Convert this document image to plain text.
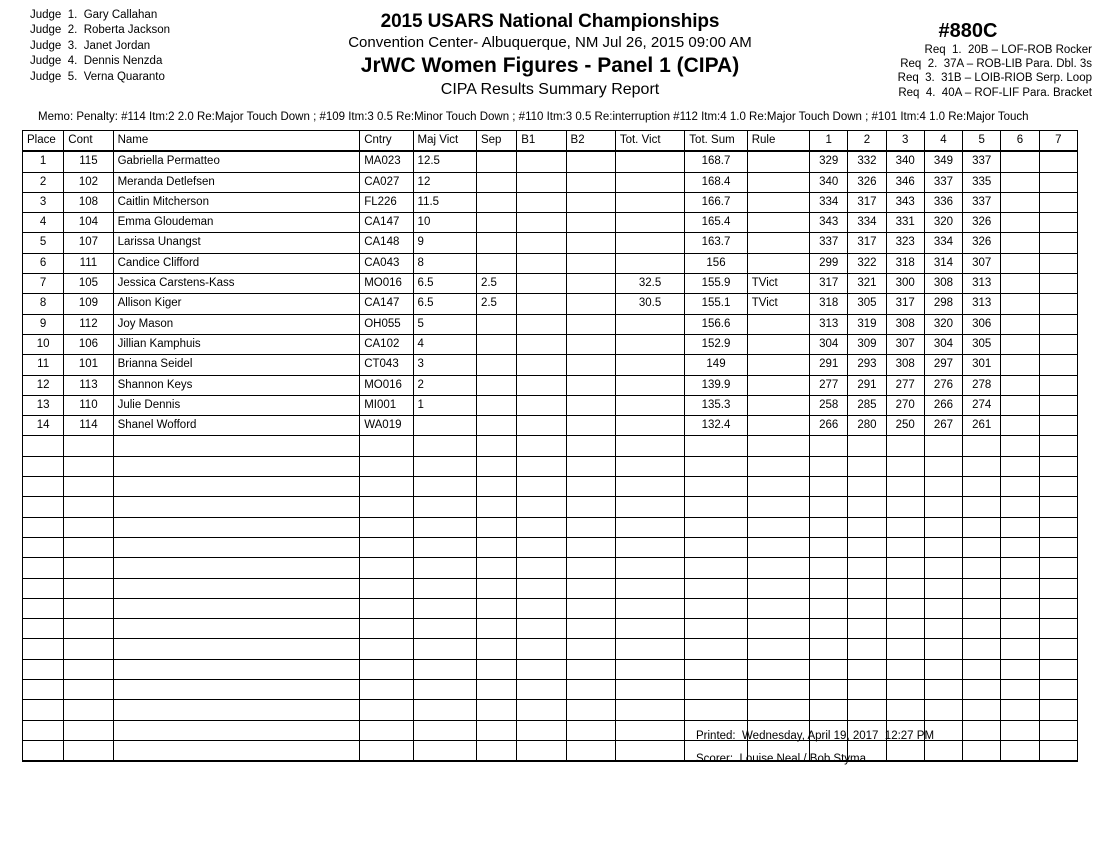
Judge  1.  Gary Callahan
Judge  2.  Roberta Jackson
Judge  3.  Janet Jordan
Judge  4.  Dennis Nenzda
Judge  5.  Verna Quaranto
2015 USARS National Championships
Convention Center- Albuquerque, NM Jul 26, 2015 09:00 AM
JrWC Women Figures - Panel 1 (CIPA)
CIPA Results Summary Report
#880C
Req  1.  20B – LOF-ROB Rocker
Req  2.  37A – ROB-LIB Para. Dbl. 3s
Req  3.  31B – LOIB-RIOB Serp. Loop
Req  4.  40A – ROF-LIF Para. Bracket
Memo: Penalty: #114 Itm:2 2.0 Re:Major Touch Down ; #109 Itm:3 0.5 Re:Minor Touch Down ; #110 Itm:3 0.5 Re:interruption #112 Itm:4 1.0 Re:Major Touch Down ; #101 Itm:4 1.0 Re:Major Touch
Place	Cont	Name	Cntry	Maj Vict	Sep	B1	B2	Tot. Vict	Tot. Sum	Rule	1	2	3	4	5	6	7
1	115	Gabriella Permatteo	MA023	12.5					168.7		329	332	340	349	337		
2	102	Meranda Detlefsen	CA027	12					168.4		340	326	346	337	335		
3	108	Caitlin Mitcherson	FL226	11.5					166.7		334	317	343	336	337		
4	104	Emma Gloudeman	CA147	10					165.4		343	334	331	320	326		
5	107	Larissa Unangst	CA148	9					163.7		337	317	323	334	326		
6	111	Candice Clifford	CA043	8					156		299	322	318	314	307		
7	105	Jessica Carstens-Kass	MO016	6.5	2.5			32.5	155.9	TVict	317	321	300	308	313		
8	109	Allison Kiger	CA147	6.5	2.5			30.5	155.1	TVict	318	305	317	298	313		
9	112	Joy Mason	OH055	5					156.6		313	319	308	320	306		
10	106	Jillian Kamphuis	CA102	4					152.9		304	309	307	304	305		
11	101	Brianna Seidel	CT043	3					149		291	293	308	297	301		
12	113	Shannon Keys	MO016	2					139.9		277	291	277	276	278		
13	110	Julie Dennis	MI001	1					135.3		258	285	270	266	274		
14	114	Shanel Wofford	WA019						132.4		266	280	250	267	261		

Printed:  Wednesday, April 19, 2017  12:27 PM
Scorer:  Louise Neal / Bob Styma
